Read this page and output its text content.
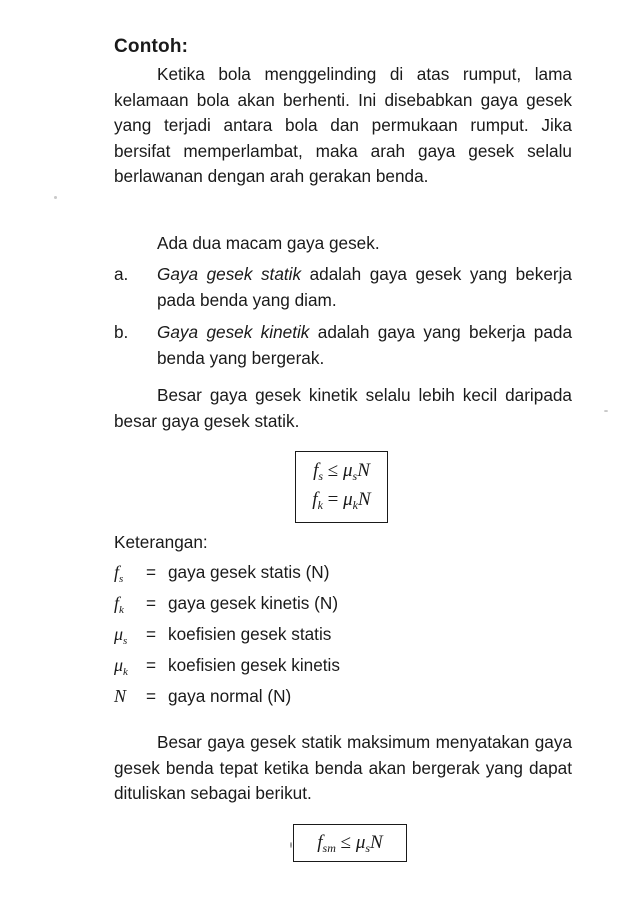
Contoh:
Ketika bola menggelinding di atas rumput, lama kelamaan bola akan berhenti. Ini disebabkan gaya gesek yang terjadi antara bola dan permukaan rumput. Jika bersifat memperlambat, maka arah gaya gesek selalu berlawanan dengan arah gerakan benda.
Ada dua macam gaya gesek.
a. Gaya gesek statik adalah gaya gesek yang bekerja pada benda yang diam.
b. Gaya gesek kinetik adalah gaya yang bekerja pada benda yang bergerak.
Besar gaya gesek kinetik selalu lebih kecil daripada besar gaya gesek statik.
$f_s \le \mu_sN$
$f_k = \mu_kN$
Keterangan:
$f_s$	= gaya gesek statis (N)
$f_k$	= gaya gesek kinetis (N)
$\mu_s$	= koefisien gesek statis
$\mu_k$	= koefisien gesek kinetis
N	= gaya normal (N)
Besar gaya gesek statik maksimum menyatakan gaya gesek benda tepat ketika benda akan bergerak yang dapat dituliskan sebagai berikut.
$f_{sm} \le \mu_sN$
